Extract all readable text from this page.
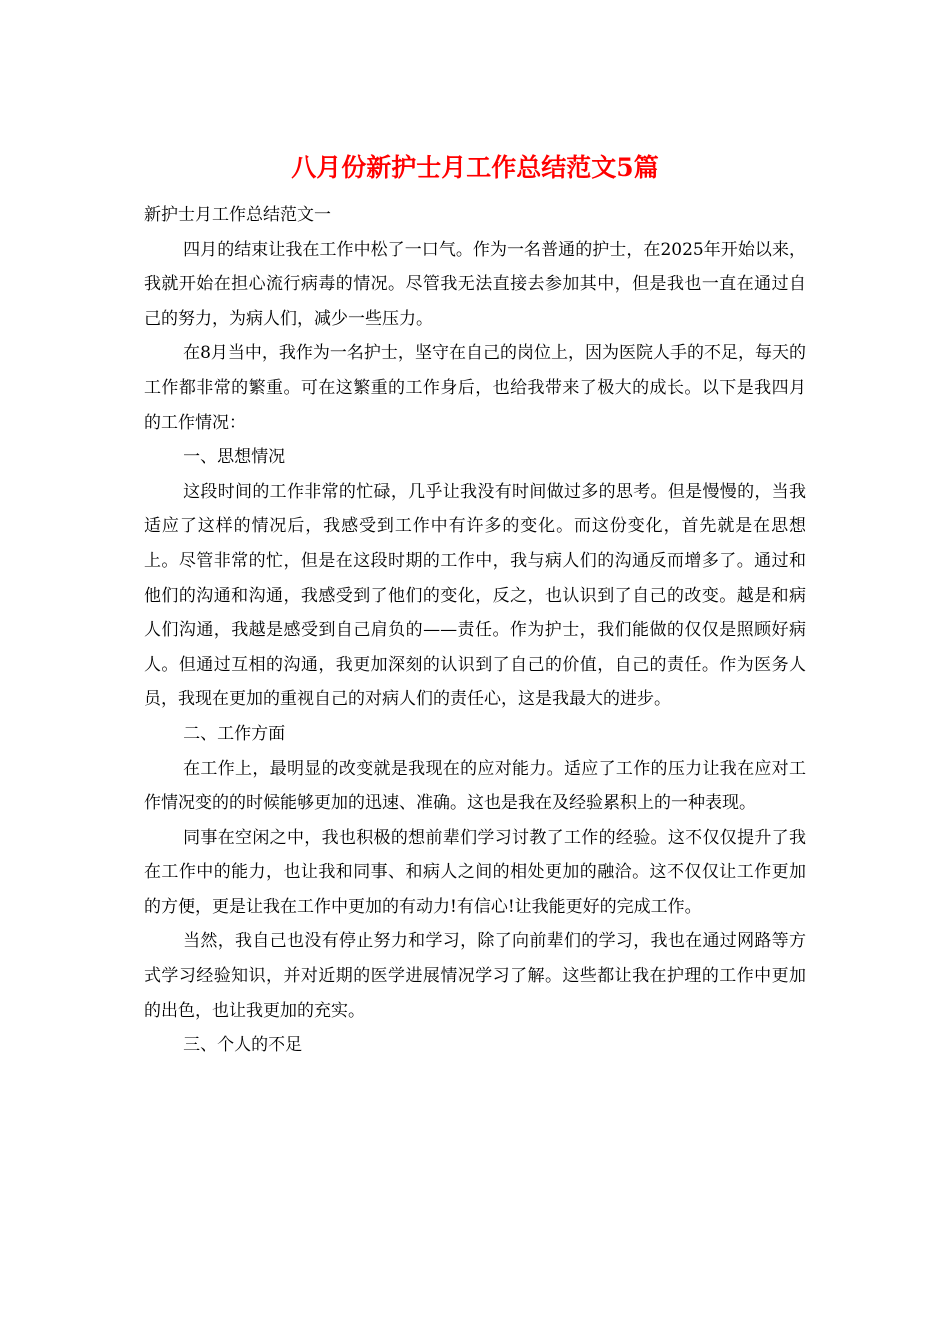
八月份新护士月工作总结范文5篇

新护士月工作总结范文一

四月的结束让我在工作中松了一口气。作为一名普通的护士，在2025年开始以来，我就开始在担心流行病毒的情况。尽管我无法直接去参加其中，但是我也一直在通过自己的努力，为病人们，减少一些压力。

在8月当中，我作为一名护士，坚守在自己的岗位上，因为医院人手的不足，每天的工作都非常的繁重。可在这繁重的工作身后，也给我带来了极大的成长。以下是我四月的工作情况：

一、思想情况

这段时间的工作非常的忙碌，几乎让我没有时间做过多的思考。但是慢慢的，当我适应了这样的情况后，我感受到工作中有许多的变化。而这份变化，首先就是在思想上。尽管非常的忙，但是在这段时期的工作中，我与病人们的沟通反而增多了。通过和他们的沟通和沟通，我感受到了他们的变化，反之，也认识到了自己的改变。越是和病人们沟通，我越是感受到自己肩负的——责任。作为护士，我们能做的仅仅是照顾好病人。但通过互相的沟通，我更加深刻的认识到了自己的价值，自己的责任。作为医务人员，我现在更加的重视自己的对病人们的责任心，这是我最大的进步。

二、工作方面

在工作上，最明显的改变就是我现在的应对能力。适应了工作的压力让我在应对工作情况变的的时候能够更加的迅速、准确。这也是我在及经验累积上的一种表现。

同事在空闲之中，我也积极的想前辈们学习讨教了工作的经验。这不仅仅提升了我在工作中的能力，也让我和同事、和病人之间的相处更加的融洽。这不仅仅让工作更加的方便，更是让我在工作中更加的有动力!有信心!让我能更好的完成工作。

当然，我自己也没有停止努力和学习，除了向前辈们的学习，我也在通过网路等方式学习经验知识，并对近期的医学进展情况学习了解。这些都让我在护理的工作中更加的出色，也让我更加的充实。

三、个人的不足
